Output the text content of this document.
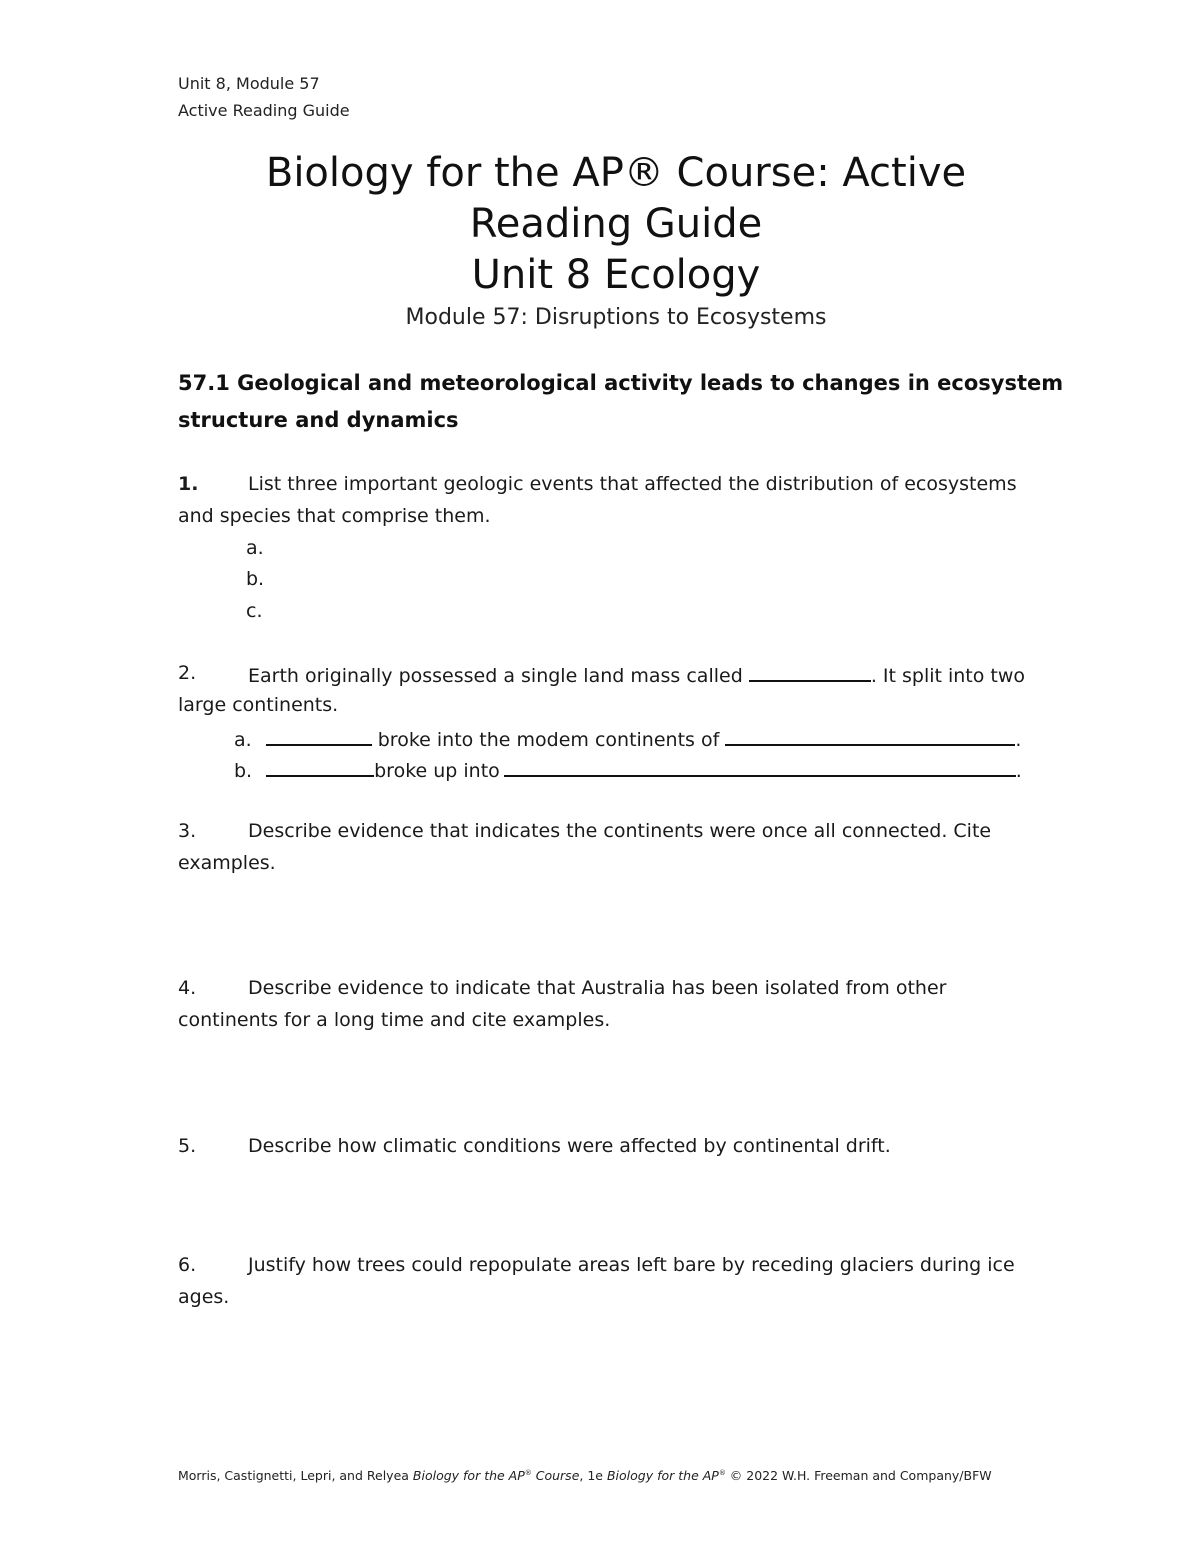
Unit 8, Module 57
Active Reading Guide
Biology for the AP® Course: Active
Reading Guide
Unit 8 Ecology
Module 57: Disruptions to Ecosystems
57.1 Geological and meteorological activity leads to changes in ecosystem
structure and dynamics
1.	List three important geologic events that affected the distribution of ecosystems
and species that comprise them.
a.
b.
c.
2.	Earth originally possessed a single land mass called	. It split into two
large continents.
a.	broke into the modem continents of	.
b.	broke up into	.
3.	Describe evidence that indicates the continents were once all connected. Cite
examples.
4.	Describe evidence to indicate that Australia has been isolated from other
continents for a long time and cite examples.
5.	Describe how climatic conditions were affected by continental drift.
6.	Justify how trees could repopulate areas left bare by receding glaciers during ice
ages.
Morris, Castignetti, Lepri, and Relyea Biology for the AP® Course, 1e Biology for the AP® © 2022 W.H. Freeman and Company/BFW
